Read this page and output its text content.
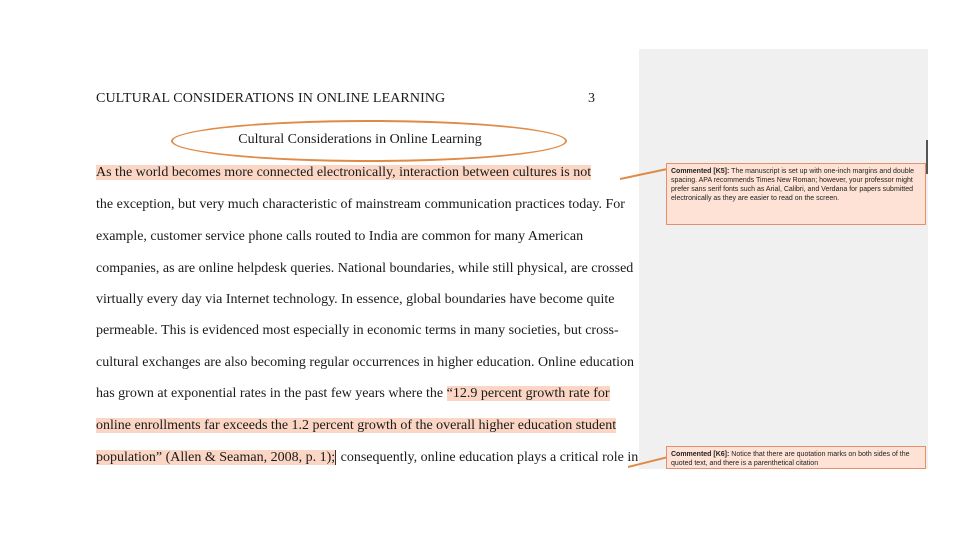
CULTURAL CONSIDERATIONS IN ONLINE LEARNING	3
Cultural Considerations in Online Learning
As the world becomes more connected electronically, interaction between cultures is not
the exception, but very much characteristic of mainstream communication practices today. For
example, customer service phone calls routed to India are common for many American
companies, as are online helpdesk queries. National boundaries, while still physical, are crossed
virtually every day via Internet technology. In essence, global boundaries have become quite
permeable. This is evidenced most especially in economic terms in many societies, but cross-
cultural exchanges are also becoming regular occurrences in higher education. Online education
has grown at exponential rates in the past few years where the “12.9 percent growth rate for
online enrollments far exceeds the 1.2 percent growth of the overall higher education student
population” (Allen & Seaman, 2008, p. 1); consequently, online education plays a critical role in
Commented [K5]: The manuscript is set up with one-inch margins and double spacing. APA recommends Times New Roman; however, your professor might prefer sans serif fonts such as Arial, Calibri, and Verdana for papers submitted electronically as they are easier to read on the screen.
Commented [K6]: Notice that there are quotation marks on both sides of the quoted text, and there is a parenthetical citation
